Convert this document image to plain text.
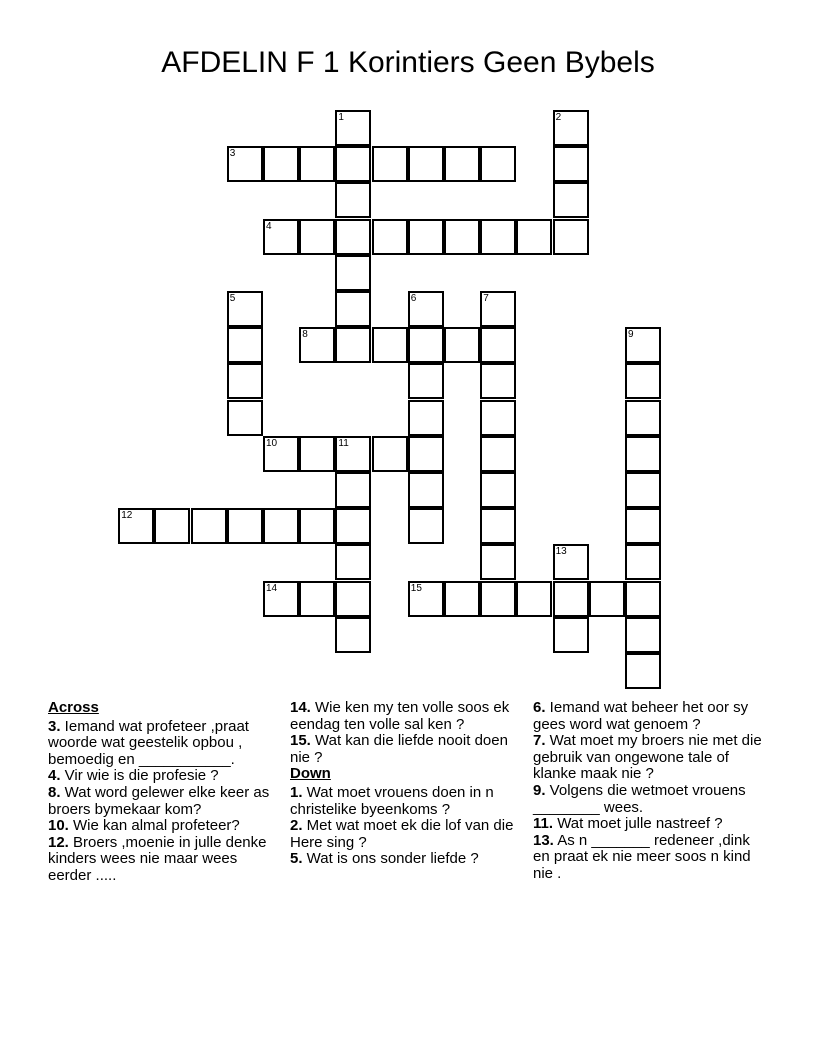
AFDELIN F 1 Korintiers Geen Bybels
1	2
3
4
5	6	7
8	9
10	11
12
13
14	15
Across
3. Iemand wat profeteer ,praat woorde wat geestelik opbou , bemoedig en ___________.
4. Vir wie is die profesie ?
8. Wat word gelewer elke keer as broers bymekaar kom?
10. Wie kan almal profeteer?
12. Broers ,moenie in julle denke kinders wees nie maar wees eerder .....
14. Wie ken my ten volle soos ek eendag ten volle sal ken ?
15. Wat kan die liefde nooit doen nie ?
Down
1. Wat moet vrouens doen in n christelike byeenkoms ?
2. Met wat moet ek die lof van die Here sing ?
5. Wat is ons sonder liefde ?
6. Iemand wat beheer het oor sy gees word wat genoem ?
7. Wat moet my broers nie met die gebruik van ongewone tale of klanke maak nie ?
9. Volgens die wetmoet vrouens ________ wees.
11. Wat moet julle nastreef ?
13. As n _______ redeneer ,dink en praat ek nie meer soos n kind nie .
